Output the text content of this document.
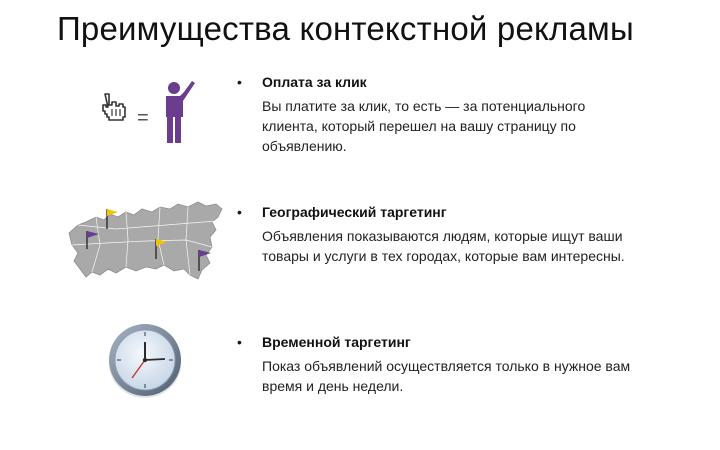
Преимущества контекстной рекламы
=
• Оплата за клик
Вы платите за клик, то есть — за потенциального клиента, который перешел на вашу страницу по объявлению.
• Географический таргетинг
Объявления показываются людям, которые ищут ваши товары и услуги в тех городах, которые вам интересны.
• Временной таргетинг
Показ объявлений осуществляется только в нужное вам время и день недели.
